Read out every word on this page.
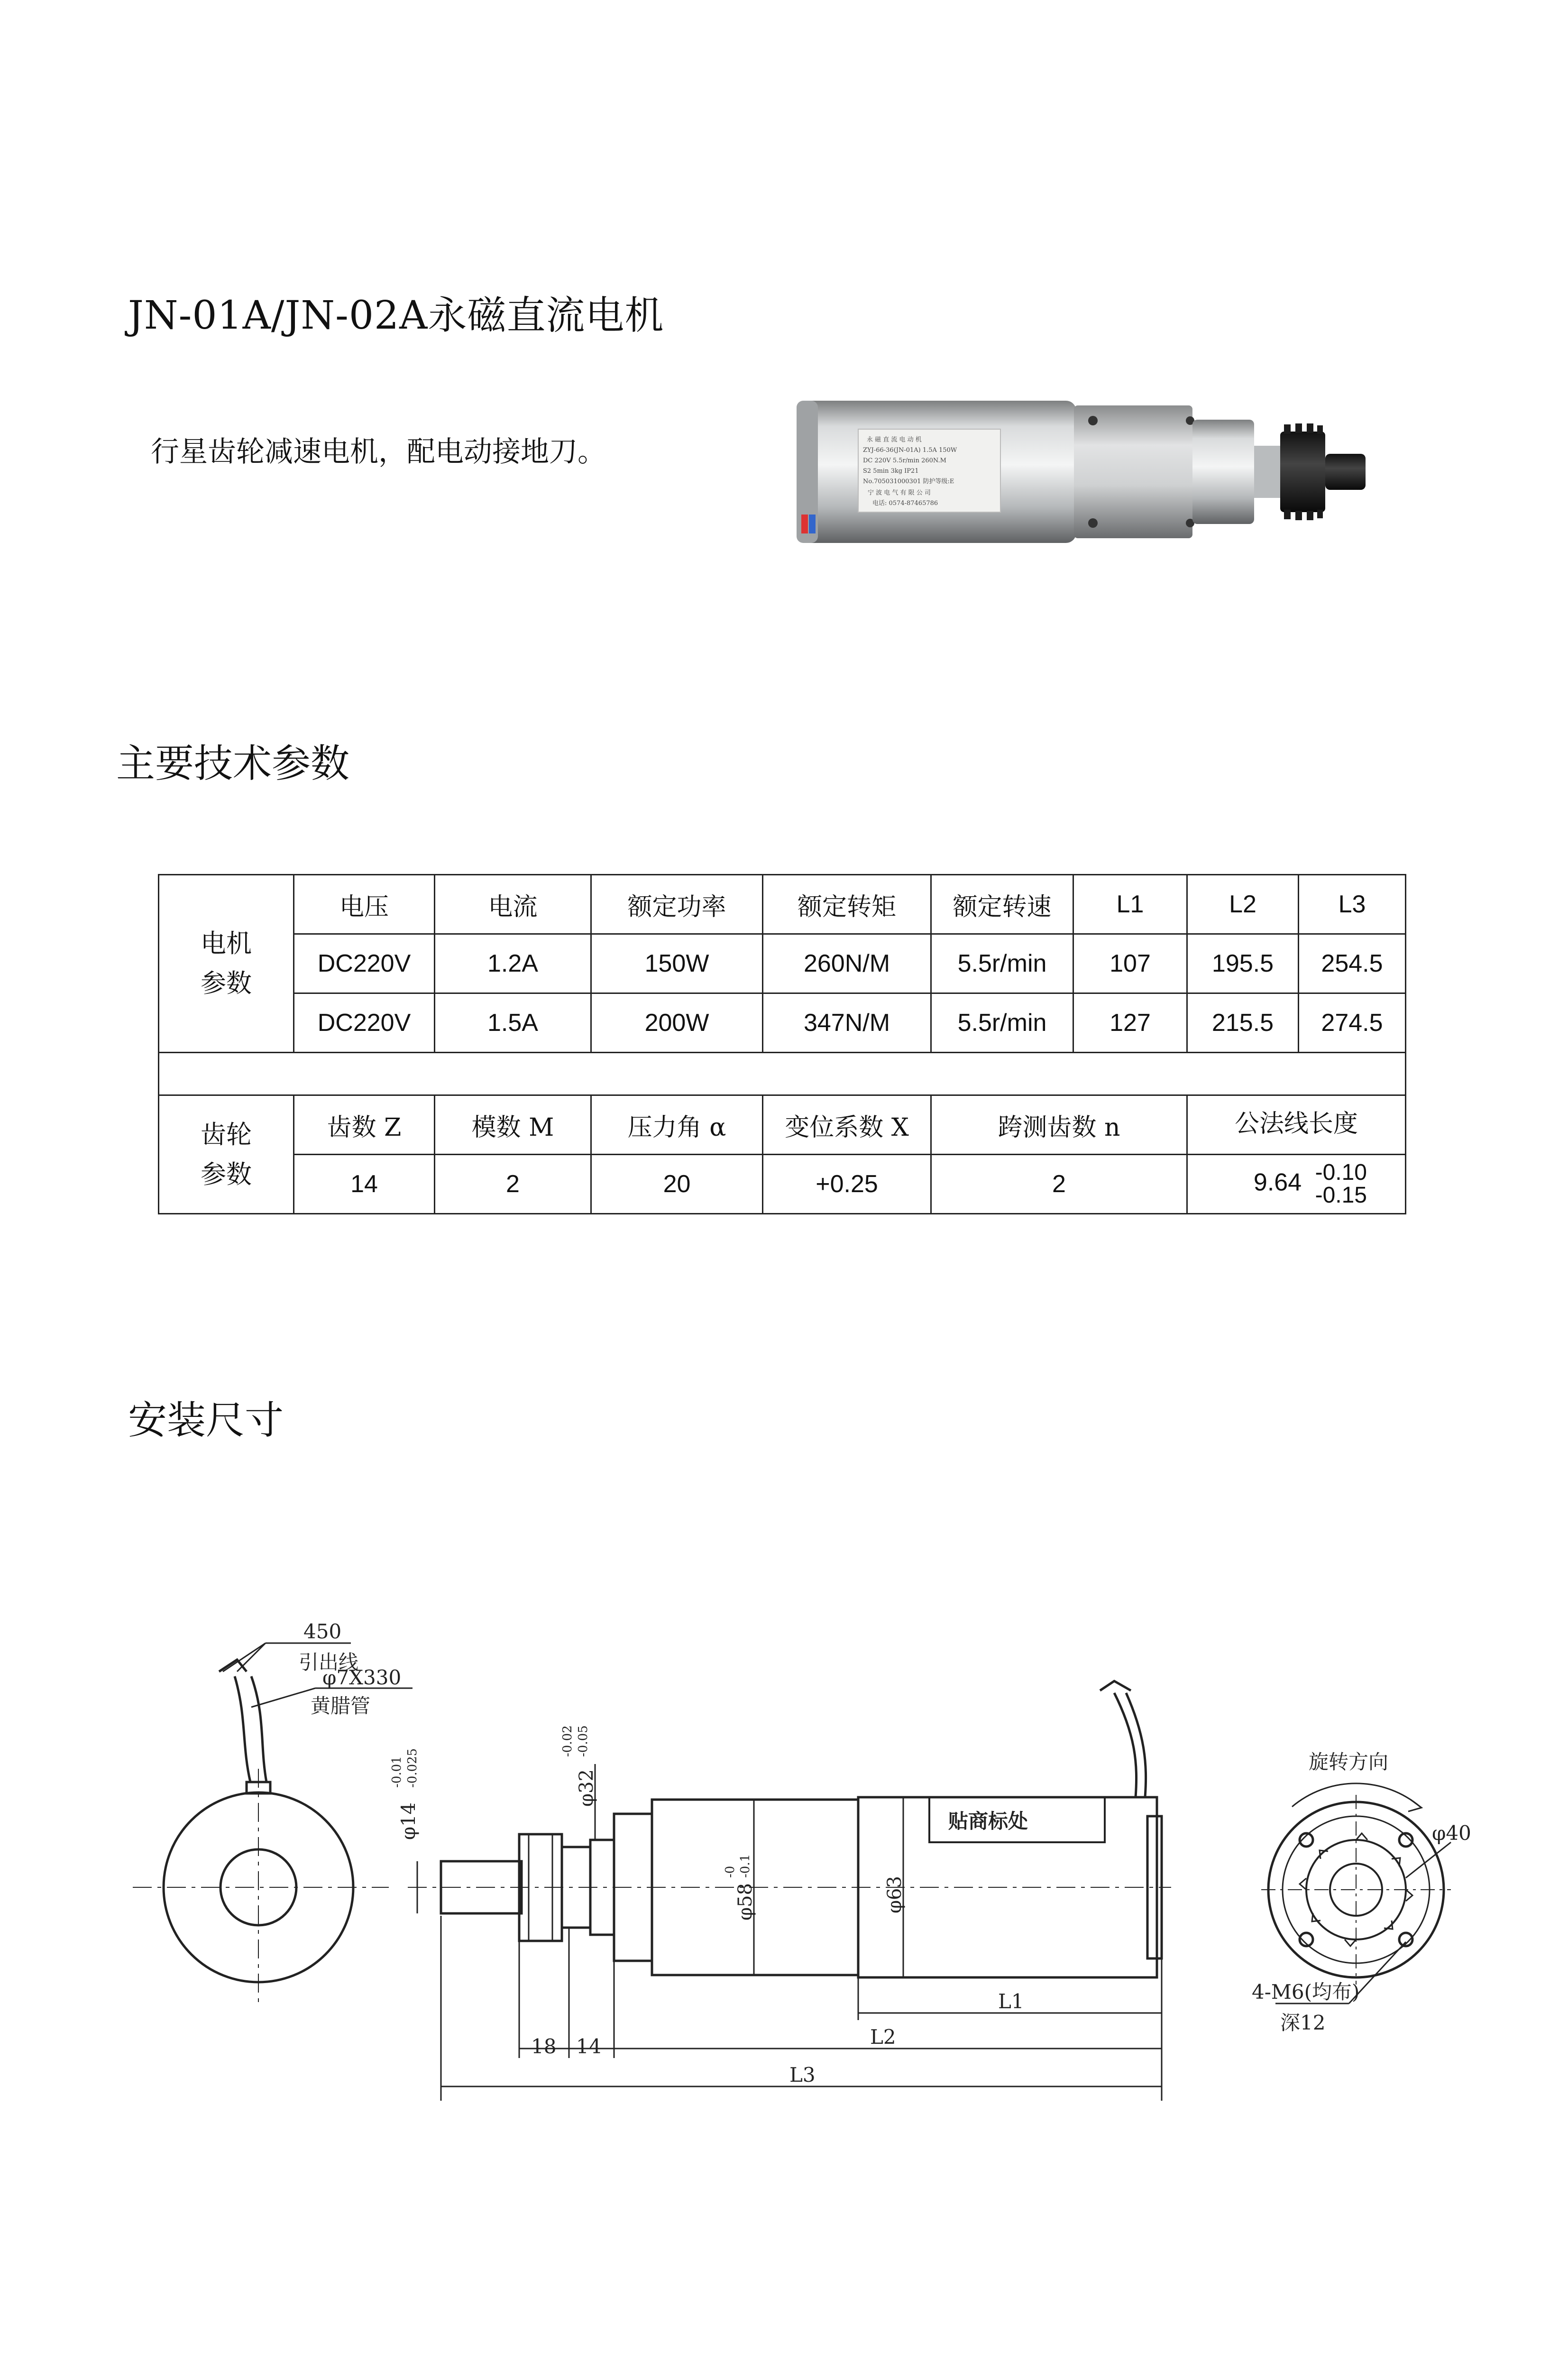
JN-01A/JN-02A永磁直流电机
行星齿轮减速电机，配电动接地刀。	永 磁 直 流 电 动 机
ZYJ-66-36(JN-01A) 1.5A 150W
DC 220V 5.5r/min 260N.M
S2 5min 3kg IP21
No.705031000301 防护等级:E
宁 波 电 气 有 限 公 司
电话: 0574-87465786
主要技术参数
电机
参数	电压	电流	额定功率	额定转矩	额定转速	L1	L2	L3
	DC220V	1.2A	150W	260N/M	5.5r/min	107	195.5	254.5
	DC220V	1.5A	200W	347N/M	5.5r/min	127	215.5	274.5

齿轮
参数	齿数 Z	模数 M	压力角 α	变位系数 X	跨测齿数 n		公法线长度	
	14	2	20	+0.25	2		9.64 -0.10
-0.15	
安装尺寸
450
引出线
φ7X330
黄腊管
贴商标处
18 14
L1
L2
L3
旋转方向
φ40
4-M6(均布)
深12
φ14
-0.01 -0.025
φ32
-0.02 -0.05
φ58
-0 -0.1
φ63
